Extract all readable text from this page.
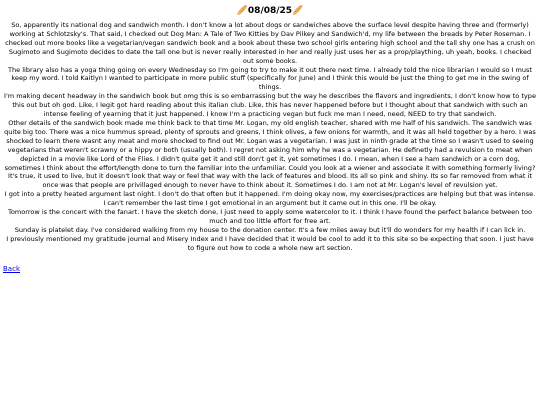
🥖08/08/25🥖

So, apparently its national dog and sandwich month. I don't know a lot about dogs or sandwiches above the surface level despite having three and (formerly) working at Schlotzsky's. That said, I checked out Dog Man: A Tale of Two Kitties by Dav Pilkey and Sandwich'd, my life between the breads by Peter Roseman. I checked out more books like a vegetarian/vegan sandwich book and a book about these two school girls entering high school and the tall shy one has a crush on Sugimoto and Sugimoto decides to date the tall one but is never really interested in her and really just uses her as a prop/plaything, uh yeah, books. I checked out some books.

The library also has a yoga thing going on every Wednesday so I'm going to try to make it out there next time. I already told the nice librarian I would so I must keep my word. I told Kaitlyn I wanted to participate in more public stuff (specifically for June) and I think this would be just the thing to get me in the swing of things.

I'm making decent headway in the sandwich book but omg this is so embarrassing but the way he describes the flavors and ingredients, I don't know how to type this out but oh god. Like, I legit got hard reading about this italian club. Like, this has never happened before but I thought about that sandwich with such an intense feeling of yearning that it just happened. I know I'm a practicing vegan but fuck me man I need, need, NEED to try that sandwich.

Other details of the sandwich book made me think back to that time Mr. Logan, my old english teacher, shared with me half of his sandwich. The sandwich was quite big too. There was a nice hummus spread, plenty of sprouts and greens, I think olives, a few onions for warmth, and it was all held together by a hero. I was shocked to learn there wasnt any meat and more shocked to find out Mr. Logan was a vegetarian. I was just in ninth grade at the time so I wasn't used to seeing vegetarians that weren't scrawny or a hippy or both (usually both). I regret not asking him why he was a vegetarian. He definetly had a revulsion to meat when depicted in a movie like Lord of the Flies. I didn't quite get it and still don't get it, yet sometimes I do. I mean, when I see a ham sandwich or a corn dog, sometimes I think about the effort/length done to turn the familiar into the unfamiliar. Could you look at a wiener and associate it with something formerly living? It's true, it used to live, but it doesn't look that way or feel that way with the lack of features and blood. Its all so pink and shiny. Its so far removed from what it once was that people are privillaged enough to never have to think about it. Sometimes I do. I am not at Mr. Logan's level of revulsion yet.

I got into a pretty heated argument last night. I don't do that often but it happened. I'm doing okay now, my exercises/practices are helping but that was intense. I can't remember the last time I got emotional in an argument but it came out in this one. I'll be okay.

Tomorrow is the concert with the fanart. I have the sketch done, I just need to apply some watercolor to it. I think I have found the perfect balance between too much and too little effort for free art.

Sunday is platelet day. I've considered walking from my house to the donation center. It's a few miles away but it'll do wonders for my health if I can lick in.

I previously mentioned my gratitude journal and Misery Index and I have decided that it would be cool to add it to this site so be expecting that soon. I just have to figure out how to code a whole new art section.

Back
